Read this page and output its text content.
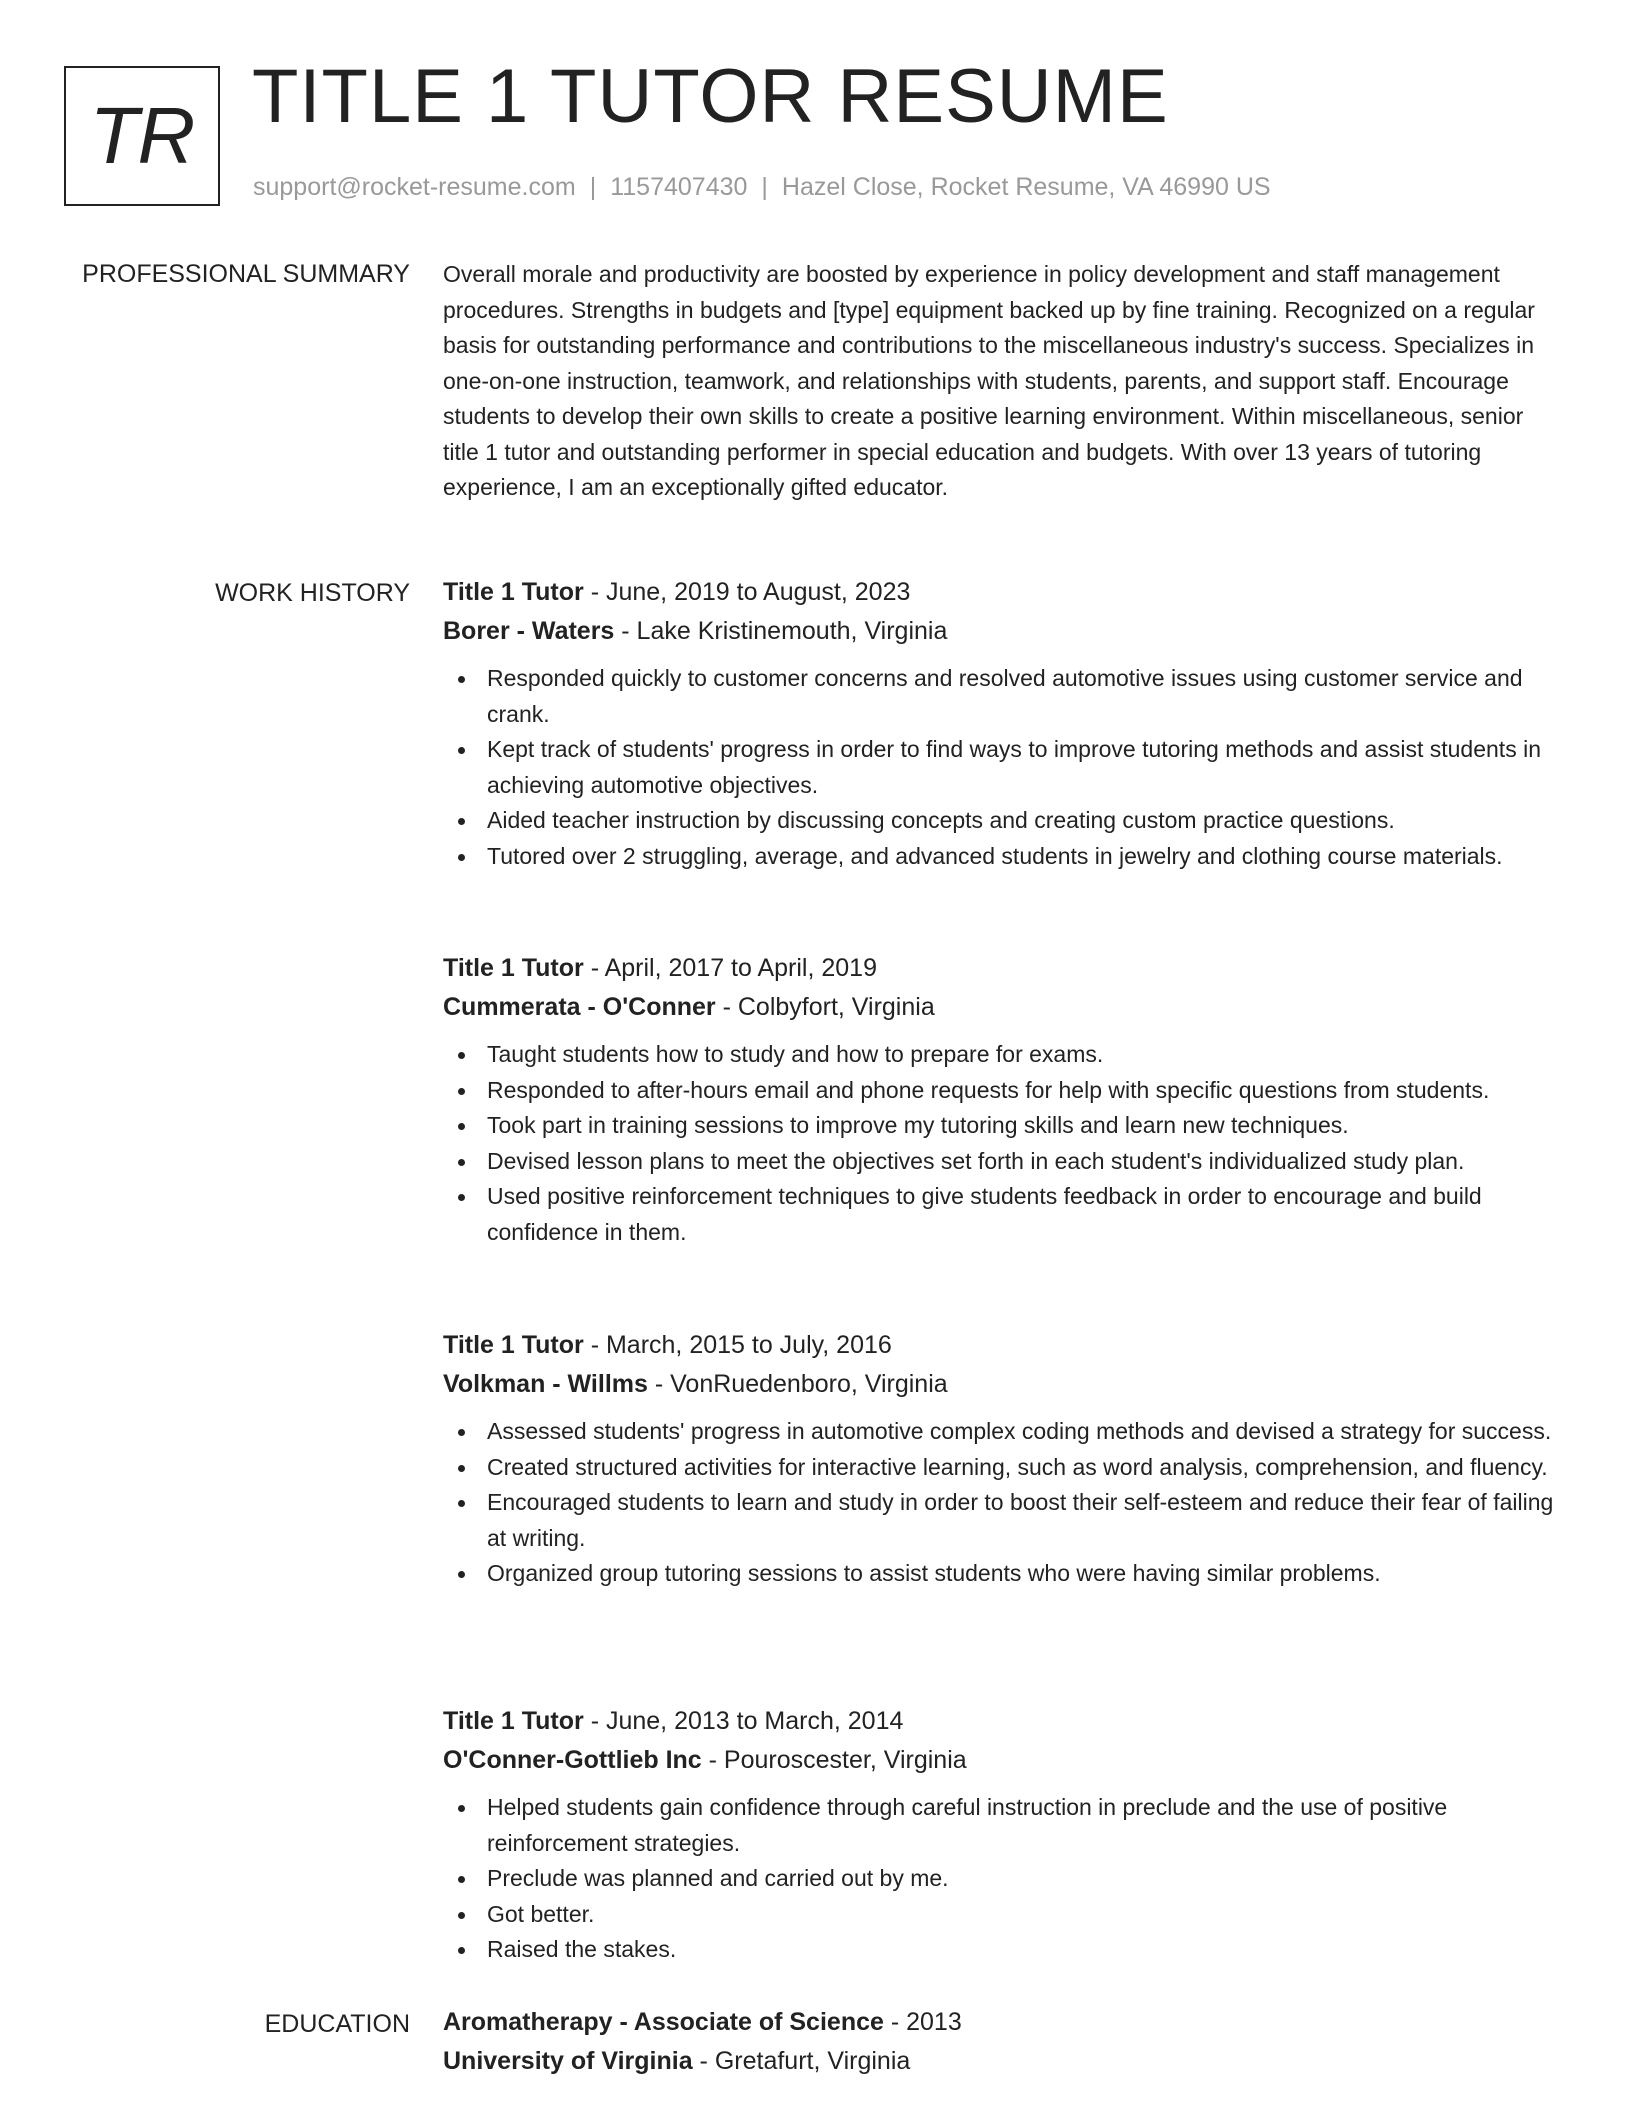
TR TITLE 1 TUTOR RESUME
support@rocket-resume.com | 1157407430 | Hazel Close, Rocket Resume, VA 46990 US
PROFESSIONAL SUMMARY Overall morale and productivity are boosted by experience in policy development and staff management procedures. Strengths in budgets and [type] equipment backed up by fine training. Recognized on a regular basis for outstanding performance and contributions to the miscellaneous industry's success. Specializes in one-on-one instruction, teamwork, and relationships with students, parents, and support staff. Encourage students to develop their own skills to create a positive learning environment. Within miscellaneous, senior title 1 tutor and outstanding performer in special education and budgets. With over 13 years of tutoring experience, I am an exceptionally gifted educator.
WORK HISTORY Title 1 Tutor - June, 2019 to August, 2023
Borer - Waters - Lake Kristinemouth, Virginia
Responded quickly to customer concerns and resolved automotive issues using customer service and crank.
Kept track of students' progress in order to find ways to improve tutoring methods and assist students in achieving automotive objectives.
Aided teacher instruction by discussing concepts and creating custom practice questions.
Tutored over 2 struggling, average, and advanced students in jewelry and clothing course materials.
Title 1 Tutor - April, 2017 to April, 2019
Cummerata - O'Conner - Colbyfort, Virginia
Taught students how to study and how to prepare for exams.
Responded to after-hours email and phone requests for help with specific questions from students.
Took part in training sessions to improve my tutoring skills and learn new techniques.
Devised lesson plans to meet the objectives set forth in each student's individualized study plan.
Used positive reinforcement techniques to give students feedback in order to encourage and build confidence in them.
Title 1 Tutor - March, 2015 to July, 2016
Volkman - Willms - VonRuedenboro, Virginia
Assessed students' progress in automotive complex coding methods and devised a strategy for success.
Created structured activities for interactive learning, such as word analysis, comprehension, and fluency.
Encouraged students to learn and study in order to boost their self-esteem and reduce their fear of failing at writing.
Organized group tutoring sessions to assist students who were having similar problems.
Title 1 Tutor - June, 2013 to March, 2014
O'Conner-Gottlieb Inc - Pouroscester, Virginia
Helped students gain confidence through careful instruction in preclude and the use of positive reinforcement strategies.
Preclude was planned and carried out by me.
Got better.
Raised the stakes.
EDUCATION Aromatherapy - Associate of Science - 2013
University of Virginia - Gretafurt, Virginia
